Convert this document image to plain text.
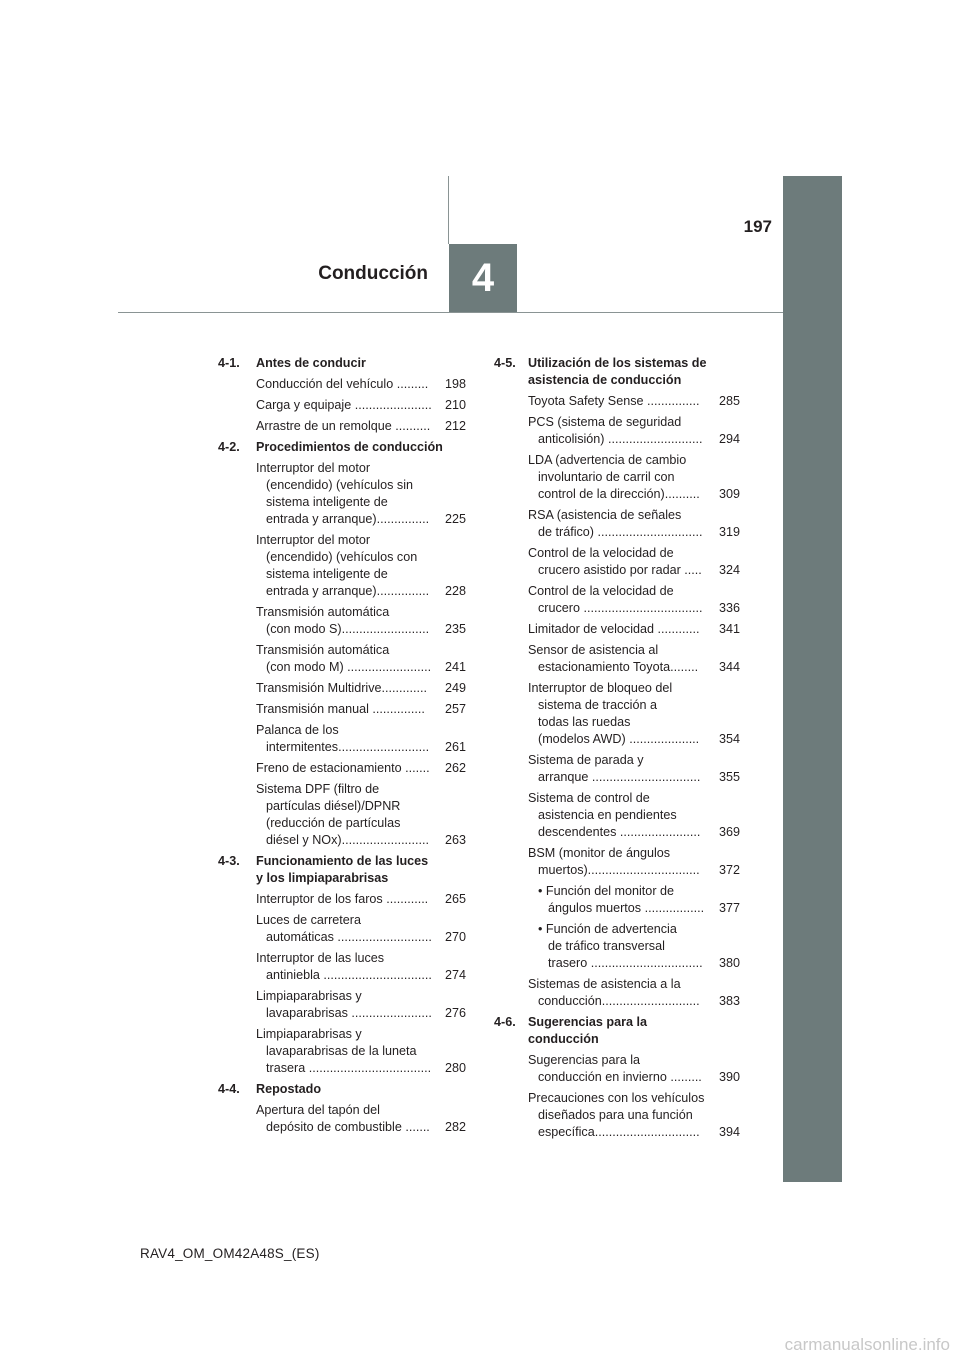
4
Conducción
197
4-1.	Antes de conducir
Conducción del vehículo .........	198
Carga y equipaje ......................	210
Arrastre de un remolque ..........	212
4-2.	Procedimientos de conducción
Interruptor del motor
(encendido) (vehículos sin
sistema inteligente de
entrada y arranque)...............	225
Interruptor del motor
(encendido) (vehículos con
sistema inteligente de
entrada y arranque)...............	228
Transmisión automática
(con modo S).........................	235
Transmisión automática
(con modo M) ........................	241
Transmisión Multidrive.............	249
Transmisión manual ...............	257
Palanca de los
intermitentes..........................	261
Freno de estacionamiento .......	262
Sistema DPF (filtro de
partículas diésel)/DPNR
(reducción de partículas
diésel y NOx).........................	263
4-3.	Funcionamiento de las luces
y los limpiaparabrisas
Interruptor de los faros ............	265
Luces de carretera
automáticas ...........................	270
Interruptor de las luces
antiniebla ...............................	274
Limpiaparabrisas y
lavaparabrisas .......................	276
Limpiaparabrisas y
lavaparabrisas de la luneta
trasera ...................................	280
4-4.	Repostado
Apertura del tapón del
depósito de combustible .......	282
4-5. Utilización de los sistemas de
asistencia de conducción
Toyota Safety Sense ...............	285
PCS (sistema de seguridad
anticolisión) ...........................	294
LDA (advertencia de cambio
involuntario de carril con
control de la dirección)..........	309
RSA (asistencia de señales
de tráfico) ..............................	319
Control de la velocidad de
crucero asistido por radar .....	324
Control de la velocidad de
crucero ..................................	336
Limitador de velocidad ............	341
Sensor de asistencia al
estacionamiento Toyota........	344
Interruptor de bloqueo del
sistema de tracción a
todas las ruedas
(modelos AWD) ....................	354
Sistema de parada y
arranque ...............................	355
Sistema de control de
asistencia en pendientes
descendentes .......................	369
BSM (monitor de ángulos
muertos)................................	372
• Función del monitor de
ángulos muertos .................	377
• Función de advertencia
de tráfico transversal
trasero ................................	380
Sistemas de asistencia a la
conducción............................	383
4-6. Sugerencias para la
conducción
Sugerencias para la
conducción en invierno .........	390
Precauciones con los vehículos
diseñados para una función
específica..............................	394
RAV4_OM_OM42A48S_(ES)
carmanualsonline.info
